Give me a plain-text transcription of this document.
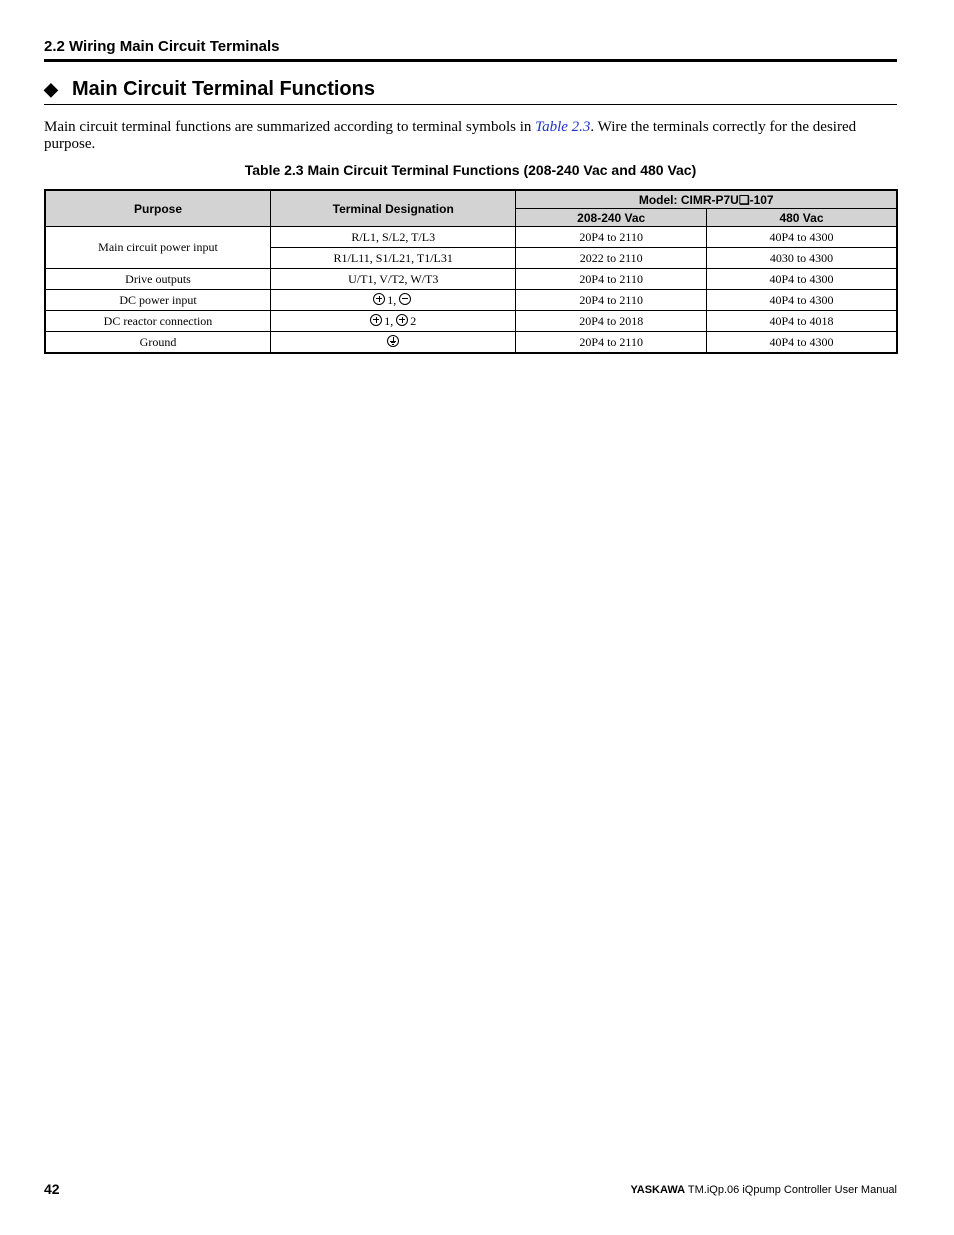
2.2 Wiring Main Circuit Terminals
◆ Main Circuit Terminal Functions
Main circuit terminal functions are summarized according to terminal symbols in Table 2.3. Wire the terminals correctly for the desired purpose.
Table 2.3 Main Circuit Terminal Functions (208-240 Vac and 480 Vac)
Purpose	Terminal Designation	Model: CIMR-P7U❑-107	
		208-240 Vac	480 Vac
Main circuit power input	R/L1, S/L2, T/L3	20P4 to 2110	40P4 to 4300
	R1/L11, S1/L21, T1/L31	2022 to 2110	4030 to 4300
Drive outputs	U/T1, V/T2, W/T3	20P4 to 2110	40P4 to 4300
DC power input	1,	20P4 to 2110	40P4 to 4300
DC reactor connection	1, 2	20P4 to 2018	40P4 to 4018
Ground		20P4 to 2110	40P4 to 4300
42	YASKAWA TM.iQp.06 iQpump Controller User Manual
